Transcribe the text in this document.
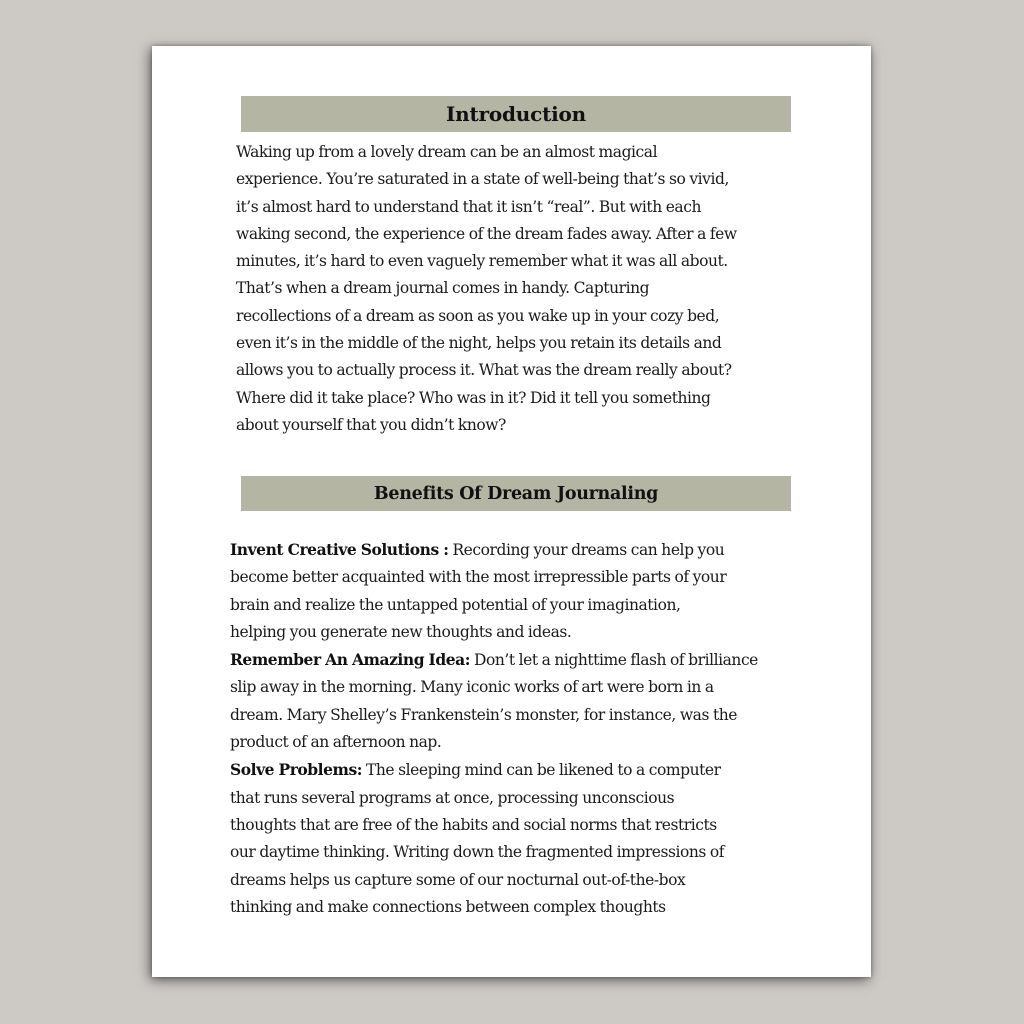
Introduction
Waking up from a lovely dream can be an almost magical
experience. You’re saturated in a state of well-being that’s so vivid,
it’s almost hard to understand that it isn’t “real”. But with each
waking second, the experience of the dream fades away. After a few
minutes, it’s hard to even vaguely remember what it was all about.
That’s when a dream journal comes in handy. Capturing
recollections of a dream as soon as you wake up in your cozy bed,
even it’s in the middle of the night, helps you retain its details and
allows you to actually process it. What was the dream really about?
Where did it take place? Who was in it? Did it tell you something
about yourself that you didn’t know?
Benefits Of Dream Journaling
Invent Creative Solutions : Recording your dreams can help you
become better acquainted with the most irrepressible parts of your
brain and realize the untapped potential of your imagination,
helping you generate new thoughts and ideas.
Remember An Amazing Idea: Don’t let a nighttime flash of brilliance
slip away in the morning. Many iconic works of art were born in a
dream. Mary Shelley’s Frankenstein’s monster, for instance, was the
product of an afternoon nap.
Solve Problems: The sleeping mind can be likened to a computer
that runs several programs at once, processing unconscious
thoughts that are free of the habits and social norms that restricts
our daytime thinking. Writing down the fragmented impressions of
dreams helps us capture some of our nocturnal out-of-the-box
thinking and make connections between complex thoughts
